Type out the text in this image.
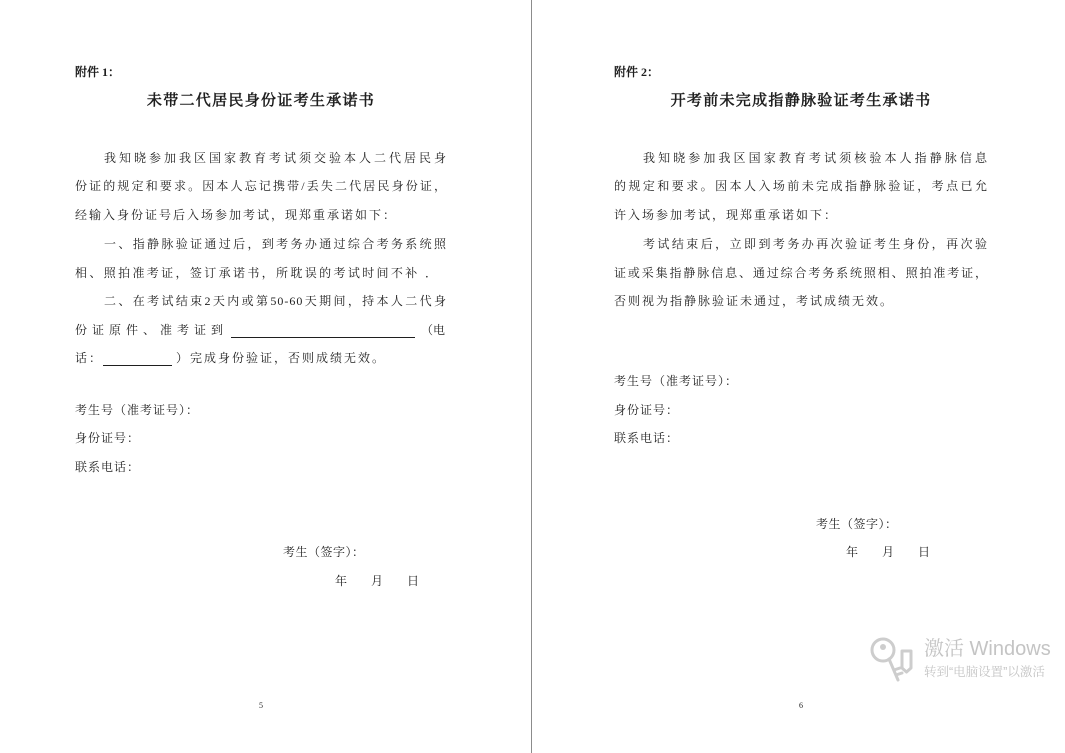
附件 1：
未带二代居民身份证考生承诺书
我知晓参加我区国家教育考试须交验本人二代居民身
份证的规定和要求。因本人忘记携带/丢失二代居民身份证，
经输入身份证号后入场参加考试，现郑重承诺如下：
一、指静脉验证通过后，到考务办通过综合考务系统照
相、照拍准考证，签订承诺书，所耽误的考试时间不补 ．
二、在考试结束2天内或第50-60天期间，持本人二代身
份证原件、准考证到	（电
话：	）完成身份验证，否则成绩无效。
考生号（准考证号）：
身份证号：
联系电话：
考生（签字）：
年     月     日
5
附件 2：
开考前未完成指静脉验证考生承诺书
我知晓参加我区国家教育考试须核验本人指静脉信息
的规定和要求。因本人入场前未完成指静脉验证，考点已允
许入场参加考试，现郑重承诺如下：
考试结束后，立即到考务办再次验证考生身份，再次验
证或采集指静脉信息、通过综合考务系统照相、照拍准考证，
否则视为指静脉验证未通过，考试成绩无效。
考生号（准考证号）：
身份证号：
联系电话：
考生（签字）：
年     月     日
6
激活 Windows
转到“电脑设置”以激活
